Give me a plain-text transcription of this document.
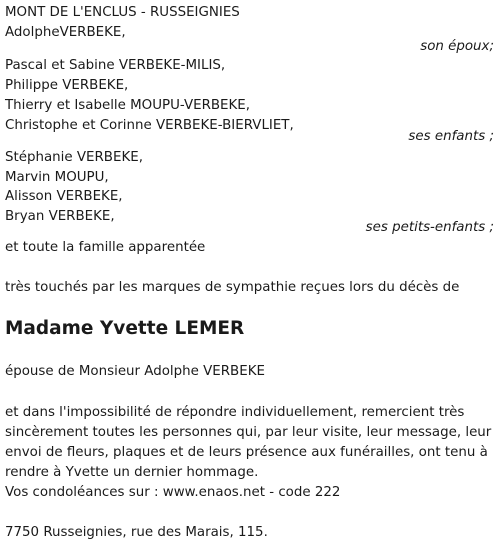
MONT DE L'ENCLUS - RUSSEIGNIES
AdolpheVERBEKE,
son époux;
Pascal et Sabine VERBEKE-MILIS,
Philippe VERBEKE,
Thierry et Isabelle MOUPU-VERBEKE,
Christophe et Corinne VERBEKE-BIERVLIET,
ses enfants ;
Stéphanie VERBEKE,
Marvin MOUPU,
Alisson VERBEKE,
Bryan VERBEKE,
ses petits-enfants ;
et toute la famille apparentée
très touchés par les marques de sympathie reçues lors du décès de
Madame Yvette LEMER
épouse de Monsieur Adolphe VERBEKE
et dans l'impossibilité de répondre individuellement, remercient très sincèrement toutes les personnes qui, par leur visite, leur message, leur envoi de fleurs, plaques et de leurs présence aux funérailles, ont tenu à rendre à Yvette un dernier hommage.
Vos condoléances sur : www.enaos.net - code 222
7750 Russeignies, rue des Marais, 115.
